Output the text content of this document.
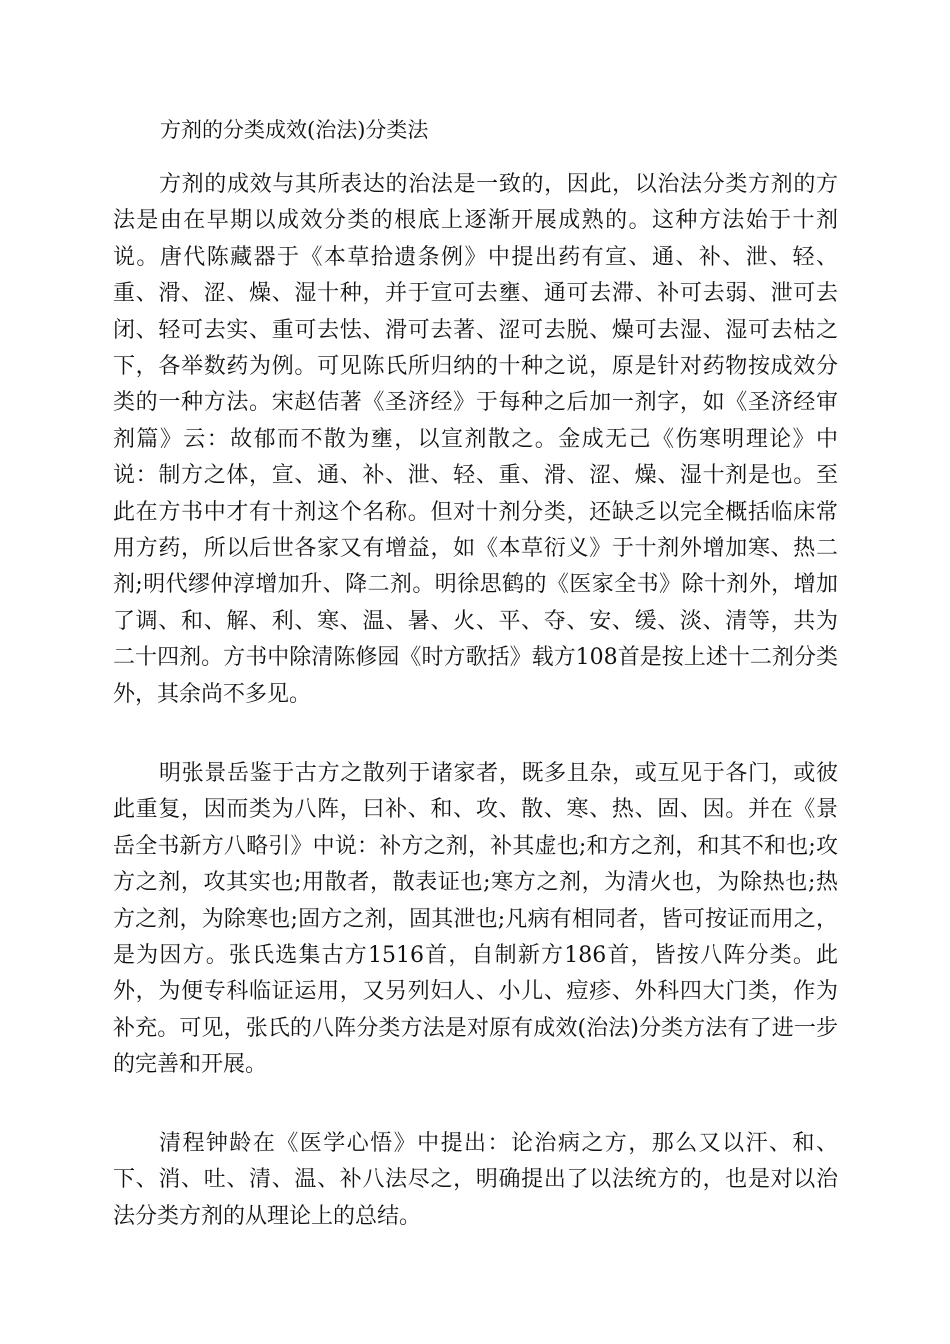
方剂的分类成效(治法)分类法

方剂的成效与其所表达的治法是一致的，因此，以治法分类方剂的方法是由在早期以成效分类的根底上逐渐开展成熟的。这种方法始于十剂说。唐代陈藏器于《本草拾遗条例》中提出药有宣、通、补、泄、轻、重、滑、涩、燥、湿十种，并于宣可去壅、通可去滞、补可去弱、泄可去闭、轻可去实、重可去怯、滑可去著、涩可去脱、燥可去湿、湿可去枯之下，各举数药为例。可见陈氏所归纳的十种之说，原是针对药物按成效分类的一种方法。宋赵佶著《圣济经》于每种之后加一剂字，如《圣济经审剂篇》云：故郁而不散为壅，以宣剂散之。金成无己《伤寒明理论》中说：制方之体，宣、通、补、泄、轻、重、滑、涩、燥、湿十剂是也。至此在方书中才有十剂这个名称。但对十剂分类，还缺乏以完全概括临床常用方药，所以后世各家又有增益，如《本草衍义》于十剂外增加寒、热二剂;明代缪仲淳增加升、降二剂。明徐思鹤的《医家全书》除十剂外，增加了调、和、解、利、寒、温、暑、火、平、夺、安、缓、淡、清等，共为二十四剂。方书中除清陈修园《时方歌括》载方108首是按上述十二剂分类外，其余尚不多见。

明张景岳鉴于古方之散列于诸家者，既多且杂，或互见于各门，或彼此重复，因而类为八阵，曰补、和、攻、散、寒、热、固、因。并在《景岳全书新方八略引》中说：补方之剂，补其虚也;和方之剂，和其不和也;攻方之剂，攻其实也;用散者，散表证也;寒方之剂，为清火也，为除热也;热方之剂，为除寒也;固方之剂，固其泄也;凡病有相同者，皆可按证而用之，是为因方。张氏选集古方1516首，自制新方186首，皆按八阵分类。此外，为便专科临证运用，又另列妇人、小儿、痘疹、外科四大门类，作为补充。可见，张氏的八阵分类方法是对原有成效(治法)分类方法有了进一步的完善和开展。

清程钟龄在《医学心悟》中提出：论治病之方，那么又以汗、和、下、消、吐、清、温、补八法尽之，明确提出了以法统方的，也是对以治法分类方剂的从理论上的总结。
